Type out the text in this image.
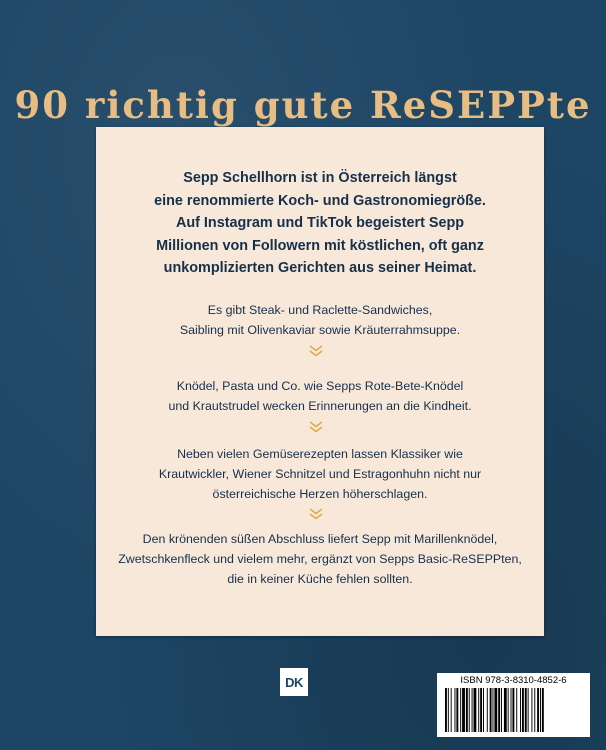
90 richtig gute ReSEPPte
Sepp Schellhorn ist in Österreich längst
eine renommierte Koch- und Gastronomiegröße.
Auf Instagram und TikTok begeistert Sepp
Millionen von Followern mit köstlichen, oft ganz
unkomplizierten Gerichten aus seiner Heimat.
Es gibt Steak- und Raclette-Sandwiches,
Saibling mit Olivenkaviar sowie Kräuterrahmsuppe.
Knödel, Pasta und Co. wie Sepps Rote-Bete-Knödel
und Krautstrudel wecken Erinnerungen an die Kindheit.
Neben vielen Gemüserezepten lassen Klassiker wie
Krautwickler, Wiener Schnitzel und Estragonhuhn nicht nur
österreichische Herzen höherschlagen.
Den krönenden süßen Abschluss liefert Sepp mit Marillenknödel,
Zwetschkenfleck und vielem mehr, ergänzt von Sepps Basic-ReSEPPten,
die in keiner Küche fehlen sollten.
DK	ISBN 978-3-8310-4852-6
